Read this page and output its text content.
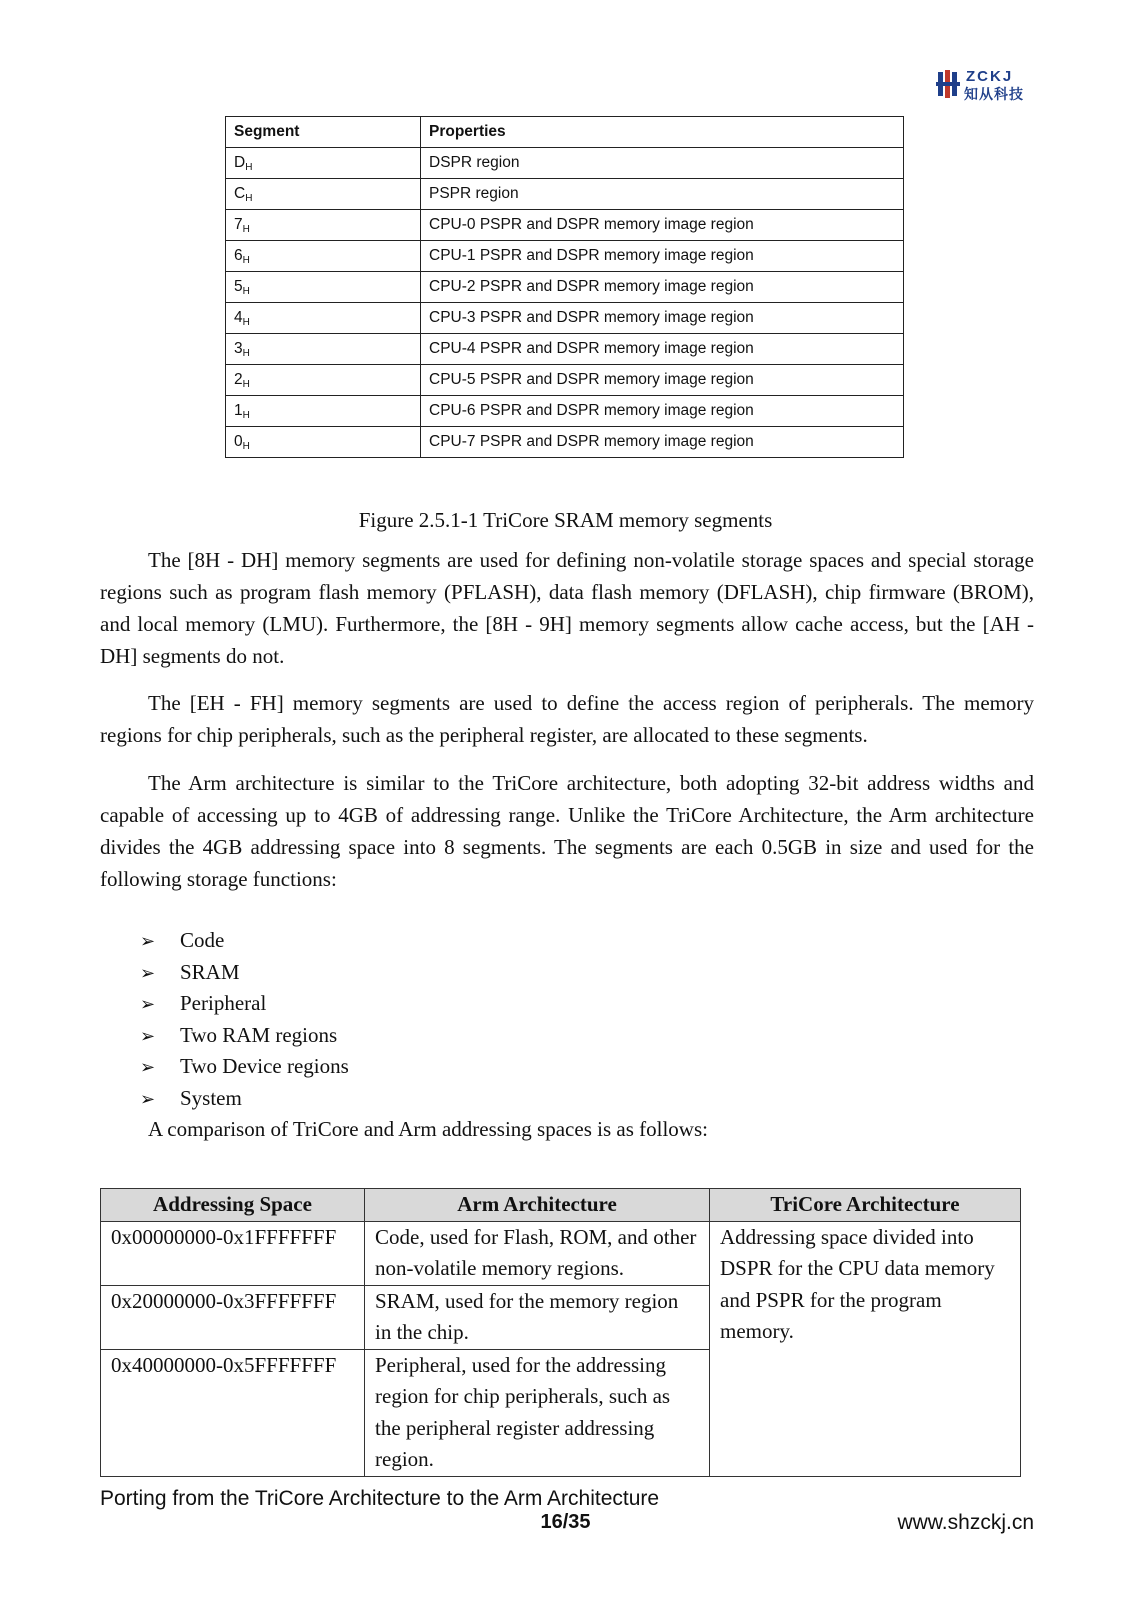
ZCKJ
知从科技
Segment	Properties
$D_H$	DSPR region
$C_H$	PSPR region
$7_H$	CPU-0 PSPR and DSPR memory image region
$6_H$	CPU-1 PSPR and DSPR memory image region
$5_H$	CPU-2 PSPR and DSPR memory image region
$4_H$	CPU-3 PSPR and DSPR memory image region
$3_H$	CPU-4 PSPR and DSPR memory image region
$2_H$	CPU-5 PSPR and DSPR memory image region
$1_H$	CPU-6 PSPR and DSPR memory image region
$0_H$	CPU-7 PSPR and DSPR memory image region
Figure 2.5.1-1 TriCore SRAM memory segments

The [8H - DH] memory segments are used for defining non-volatile storage spaces and special storage regions such as program flash memory (PFLASH), data flash memory (DFLASH), chip firmware (BROM), and local memory (LMU). Furthermore, the [8H - 9H] memory segments allow cache access, but the [AH - DH] segments do not.

The [EH - FH] memory segments are used to define the access region of peripherals. The memory regions for chip peripherals, such as the peripheral register, are allocated to these segments.

The Arm architecture is similar to the TriCore architecture, both adopting 32-bit address widths and capable of accessing up to 4GB of addressing range. Unlike the TriCore Architecture, the Arm architecture divides the 4GB addressing space into 8 segments. The segments are each 0.5GB in size and used for the following storage functions:

➢ Code
➢ SRAM
➢ Peripheral
➢ Two RAM regions
➢ Two Device regions
➢ System

A comparison of TriCore and Arm addressing spaces is as follows:

Addressing Space	Arm Architecture	TriCore Architecture
0x00000000-0x1FFFFFFF	Code, used for Flash, ROM, and other non-volatile memory regions.	Addressing space divided into DSPR for the CPU data memory and PSPR for the program memory.
0x20000000-0x3FFFFFFF	SRAM, used for the memory region in the chip.	
0x40000000-0x5FFFFFFF	Peripheral, used for the addressing region for chip peripherals, such as the peripheral register addressing region.	
Porting from the TriCore Architecture to the Arm Architecture
16/35	www.shzckj.cn
